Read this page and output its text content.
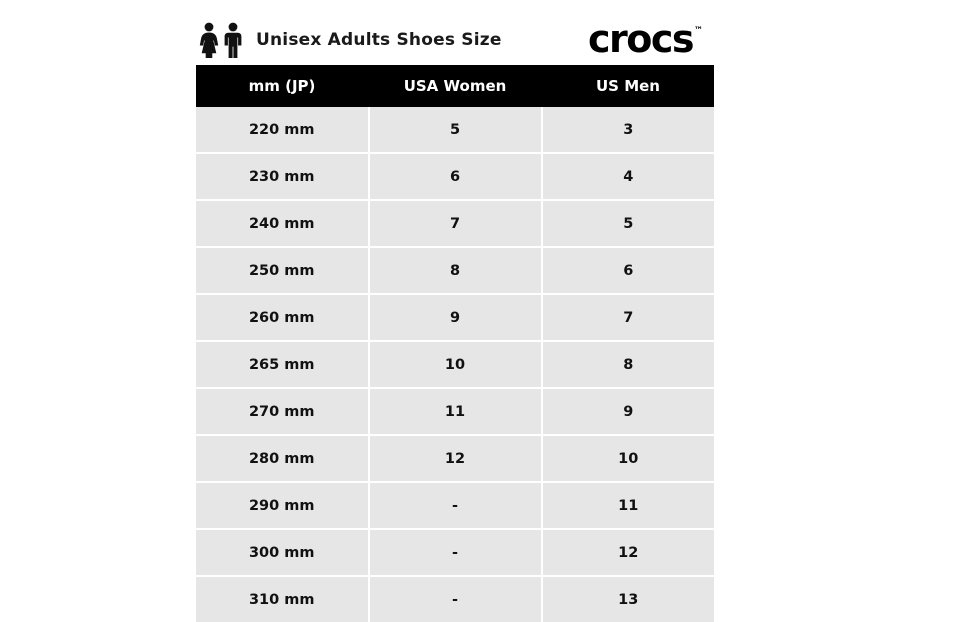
Unisex Adults Shoes Size crocs ™
mm (JP)	USA Women	US Men
220 mm	5	3
230 mm	6	4
240 mm	7	5
250 mm	8	6
260 mm	9	7
265 mm	10	8
270 mm	11	9
280 mm	12	10
290 mm	-	11
300 mm	-	12
310 mm	-	13
